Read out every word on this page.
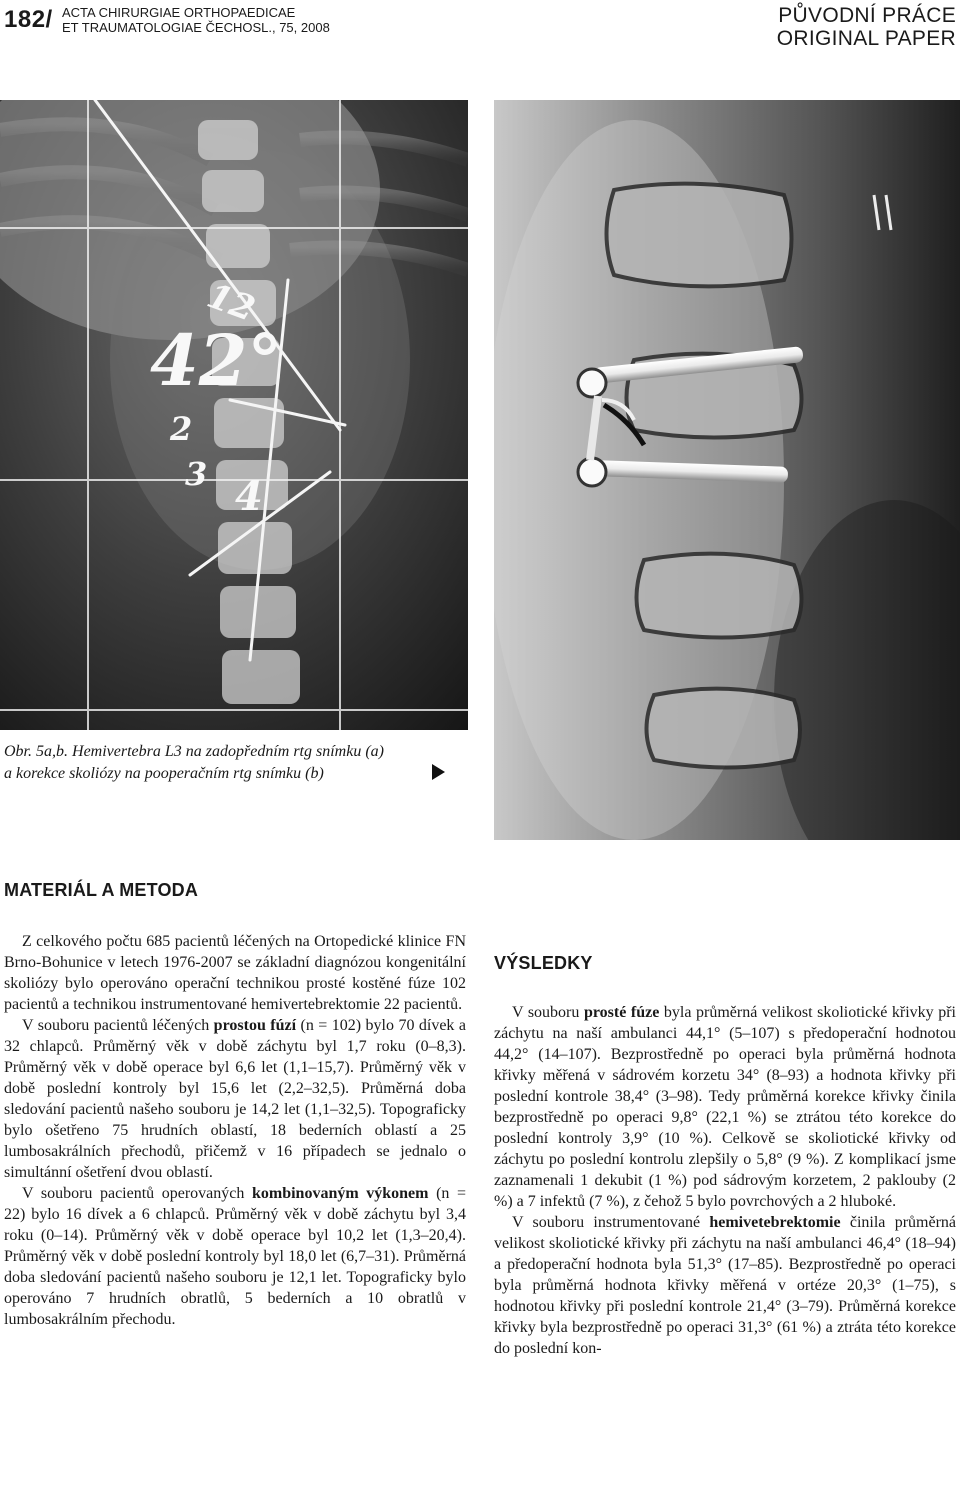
182/ ACTA CHIRURGIAE ORTHOPAEDICAE
ET TRAUMATOLOGIAE ČECHOSL., 75, 2008
PŮVODNÍ PRÁCE
ORIGINAL PAPER
12
42°
2
3 4
Obr. 5a,b. Hemivertebra L3 na zadopředním rtg snímku (a)
a korekce skoliózy na pooperačním rtg snímku (b)
MATERIÁL A METODA

Z celkového počtu 685 pacientů léčených na Ortopedické klinice FN Brno-Bohunice v letech 1976-2007 se základní diagnózou kongenitální skoliózy bylo operováno operační technikou prosté kostěné fúze 102 pacientů a technikou instrumentované hemivertebrektomie 22 pacientů.

V souboru pacientů léčených prostou fúzí (n = 102) bylo 70 dívek a 32 chlapců. Průměrný věk v době záchytu byl 1,7 roku (0–8,3). Průměrný věk v době operace byl 6,6 let (1,1–15,7). Průměrný věk v době poslední kontroly byl 15,6 let (2,2–32,5). Průměrná doba sledování pacientů našeho souboru je 14,2 let (1,1–32,5). Topograficky bylo ošetřeno 75 hrudních oblastí, 18 bederních oblastí a 25 lumbosakrálních přechodů, přičemž v 16 případech se jednalo o simultánní ošetření dvou oblastí.

V souboru pacientů operovaných kombinovaným výkonem (n = 22) bylo 16 dívek a 6 chlapců. Průměrný věk v době záchytu byl 3,4 roku (0–14). Průměrný věk v době operace byl 10,2 let (1,3–20,4). Průměrný věk v době poslední kontroly byl 18,0 let (6,7–31). Průměrná doba sledování pacientů našeho souboru je 12,1 let. Topograficky bylo operováno 7 hrudních obratlů, 5 bederních a 10 obratlů v lumbosakrálním přechodu.

VÝSLEDKY

V souboru prosté fúze byla průměrná velikost skoliotické křivky při záchytu na naší ambulanci 44,1° (5–107) s předoperační hodnotou 44,2° (14–107). Bezprostředně po operaci byla průměrná hodnota křivky měřená v sádrovém korzetu 34° (8–93) a hodnota křivky při poslední kontrole 38,4° (3–98). Tedy průměrná korekce křivky činila bezprostředně po operaci 9,8° (22,1 %) se ztrátou této korekce do poslední kontroly 3,9° (10 %). Celkově se skoliotické křivky od záchytu po poslední kontrolu zlepšily o 5,8° (9 %). Z komplikací jsme zaznamenali 1 dekubit (1 %) pod sádrovým korzetem, 2 paklouby (2 %) a 7 infektů (7 %), z čehož 5 bylo povrchových a 2 hluboké.

V souboru instrumentované hemivetebrektomie činila průměrná velikost skoliotické křivky při záchytu na naší ambulanci 46,4° (18–94) a předoperační hodnota byla 51,3° (17–85). Bezprostředně po operaci byla průměrná hodnota křivky měřená v ortéze 20,3° (1–75), s hodnotou křivky při poslední kontrole 21,4° (3–79). Průměrná korekce křivky byla bezprostředně po operaci 31,3° (61 %) a ztráta této korekce do poslední kon-
